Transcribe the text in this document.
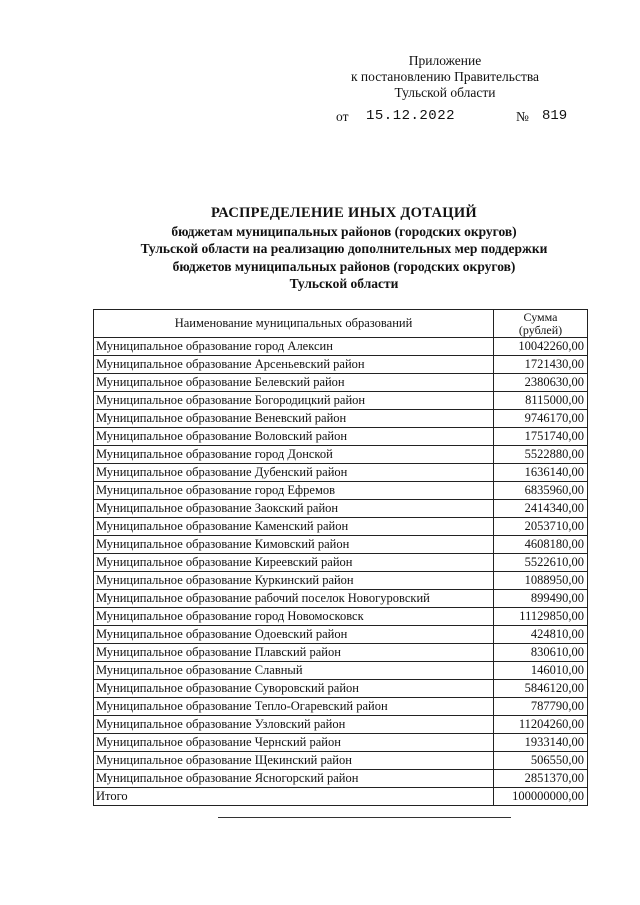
Приложение
к постановлению Правительства
Тульской области
от 15.12.2022	№ 819
РАСПРЕДЕЛЕНИЕ ИНЫХ ДОТАЦИЙ
бюджетам муниципальных районов (городских округов)
Тульской области на реализацию дополнительных мер поддержки
бюджетов муниципальных районов (городских округов)
Тульской области
Наименование муниципальных образований	Сумма
(рублей)

Муниципальное образование город Алексин	10042260,00
Муниципальное образование Арсеньевский район	1721430,00
Муниципальное образование Белевский район	2380630,00
Муниципальное образование Богородицкий район	8115000,00
Муниципальное образование Веневский район	9746170,00
Муниципальное образование Воловский район	1751740,00
Муниципальное образование город Донской	5522880,00
Муниципальное образование Дубенский район	1636140,00
Муниципальное образование город Ефремов	6835960,00
Муниципальное образование Заокский район	2414340,00
Муниципальное образование Каменский район	2053710,00
Муниципальное образование Кимовский район	4608180,00
Муниципальное образование Киреевский район	5522610,00
Муниципальное образование Куркинский район	1088950,00
Муниципальное образование рабочий поселок Новогуровский	899490,00
Муниципальное образование город Новомосковск	11129850,00
Муниципальное образование Одоевский район	424810,00
Муниципальное образование Плавский район	830610,00
Муниципальное образование Славный	146010,00
Муниципальное образование Суворовский район	5846120,00
Муниципальное образование Тепло-Огаревский район	787790,00
Муниципальное образование Узловский район	11204260,00
Муниципальное образование Чернский район	1933140,00
Муниципальное образование Щекинский район	506550,00
Муниципальное образование Ясногорский район	2851370,00
Итого	100000000,00
